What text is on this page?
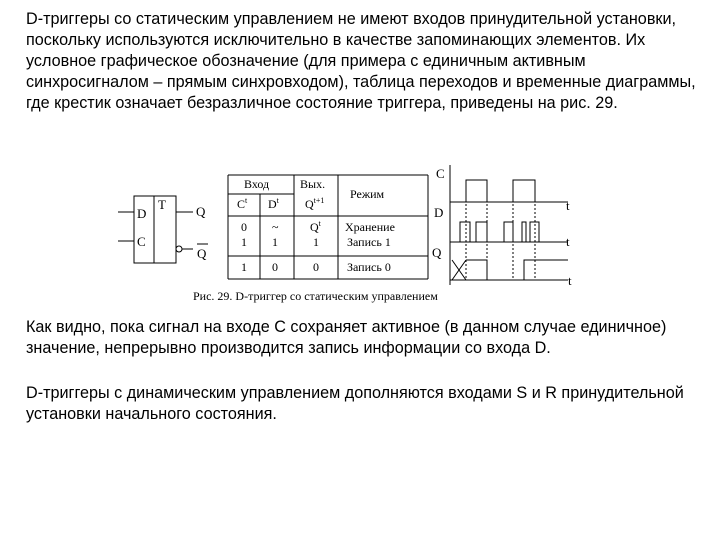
D-триггеры со статическим управлением не имеют входов принудительной установки, поскольку используются исключительно в качестве запоминающих элементов. Их условное графическое обозначение (для примера с единичным активным синхросигналом – прямым синхровходом), таблица переходов и временные диаграммы, где крестик означает безразличное состояние триггера, приведены на рис. 29.

D
C
T Q
Q
Вход	Вых.
Режим
$C^t$ $D^t$ $Q^{t+1}$
0 ~	$Q^t$ Хранение
1 1	1 Запись 1
1 0	0 Запись 0
C
D
Q
t
t
t
Рис. 29. D-триггер со статическим управлением

Как видно, пока сигнал на входе С сохраняет активное (в данном случае единичное) значение, непрерывно производится запись информации со входа D.

D-триггеры с динамическим управлением дополняются входами S и R принудительной установки начального состояния.
